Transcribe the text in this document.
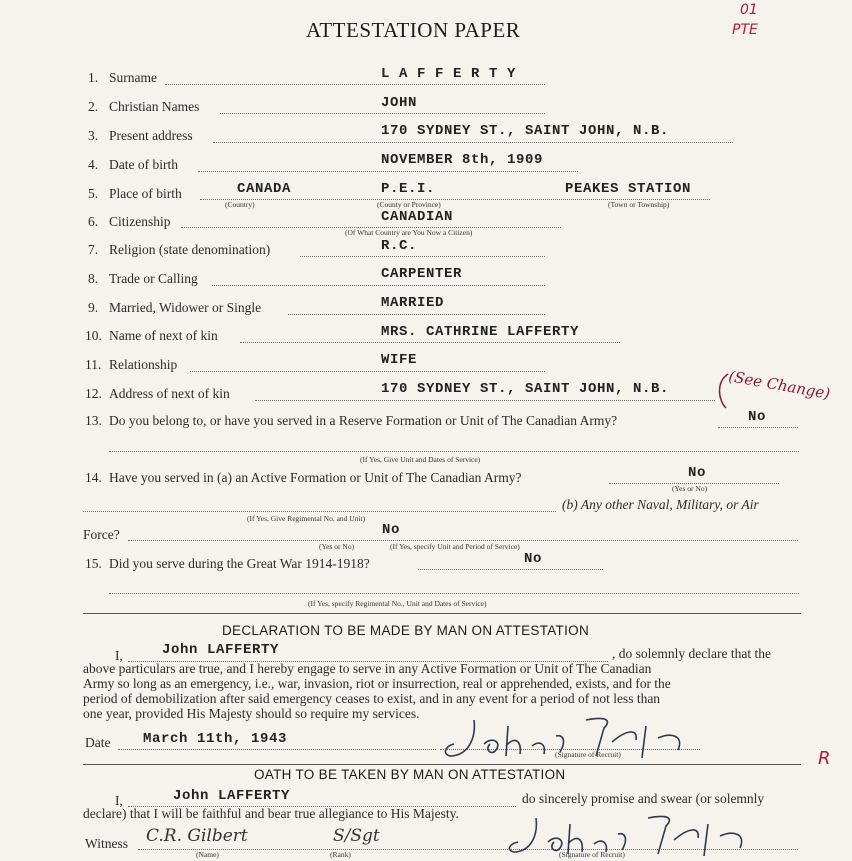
ATTESTATION PAPER
01
PTE
R
1. Surname	L A F F E R T Y
2. Christian Names	JOHN
3. Present address	170 SYDNEY ST., SAINT JOHN, N.B.
4. Date of birth	NOVEMBER 8th, 1909
5. Place of birth	CANADA	P.E.I.	PEAKES STATION
(Country)	(County or Province)	(Town or Township)
6. Citizenship	CANADIAN
(Of What Country are You Now a Citizen)
7. Religion (state denomination)	R.C.
8. Trade or Calling	CARPENTER
9. Married, Widower or Single	MARRIED
10. Name of next of kin	MRS. CATHRINE LAFFERTY
11. Relationship	WIFE
12. Address of next of kin	170 SYDNEY ST., SAINT JOHN, N.B.	(See Change)
13. Do you belong to, or have you served in a Reserve Formation or Unit of The Canadian Army?	No
(If Yes, Give Unit and Dates of Service)
14. Have you served in (a) an Active Formation or Unit of The Canadian Army?	No
(Yes or No)
(b) Any other Naval, Military, or Air
(If Yes, Give Regimental No. and Unit)
Force?	No
(Yes or No)	(If Yes, specify Unit and Period of Service)
15. Did you serve during the Great War 1914-1918?	No
(If Yes, specify Regimental No., Unit and Dates of Service)
DECLARATION TO BE MADE BY MAN ON ATTESTATION
I,	John LAFFERTY	, do solemnly declare that the
above particulars are true, and I hereby engage to serve in any Active Formation or Unit of The Canadian
Army so long as an emergency, i.e., war, invasion, riot or insurrection, real or apprehended, exists, and for the
period of demobilization after said emergency ceases to exist, and in any event for a period of not less than
one year, provided His Majesty should so require my services.
Date March 11th, 1943
(Signature of Recruit)
OATH TO BE TAKEN BY MAN ON ATTESTATION
I,	John LAFFERTY	do sincerely promise and swear (or solemnly
declare) that I will be faithful and bear true allegiance to His Majesty.
Witness C.R. Gilbert	S/Sgt
(Name)	(Rank)	(Signature of Recruit)
